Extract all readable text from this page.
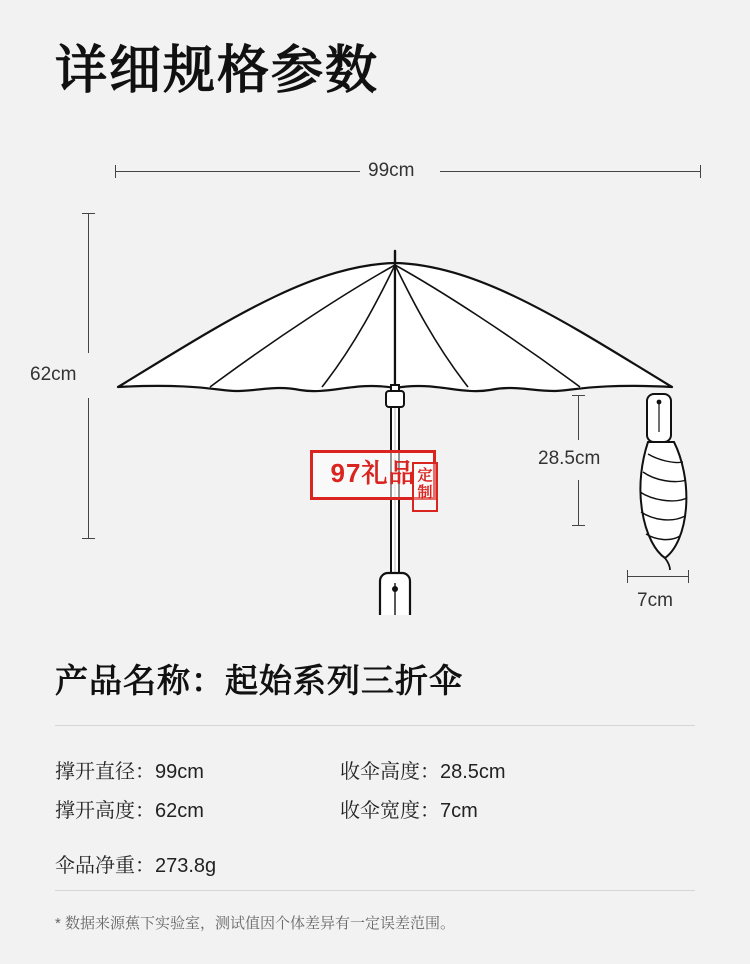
详细规格参数
99cm
62cm
28.5cm
7cm
97礼品 定制
产品名称：起始系列三折伞
撑开直径：99cm	收伞高度：28.5cm
撑开高度：62cm	收伞宽度：7cm
伞品净重：273.8g
* 数据来源蕉下实验室，测试值因个体差异有一定误差范围。
